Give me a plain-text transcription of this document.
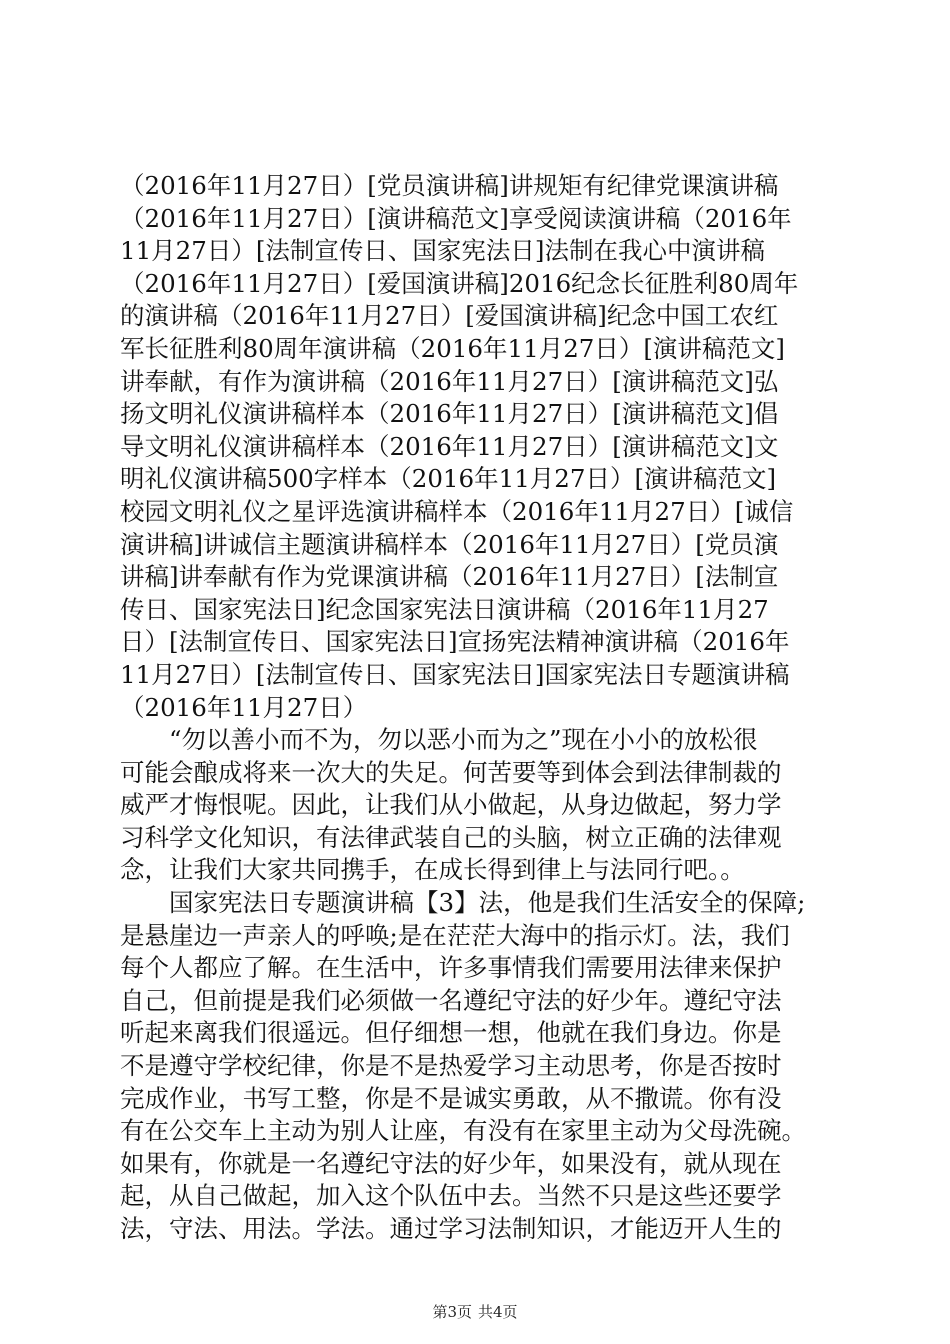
（2016年11月27日）[党员演讲稿]讲规矩有纪律党课演讲稿
（2016年11月27日）[演讲稿范文]享受阅读演讲稿（2016年
11月27日）[法制宣传日、国家宪法日]法制在我心中演讲稿
（2016年11月27日）[爱国演讲稿]2016纪念长征胜利80周年
的演讲稿（2016年11月27日）[爱国演讲稿]纪念中国工农红
军长征胜利80周年演讲稿（2016年11月27日）[演讲稿范文]
讲奉献，有作为演讲稿（2016年11月27日）[演讲稿范文]弘
扬文明礼仪演讲稿样本（2016年11月27日）[演讲稿范文]倡
导文明礼仪演讲稿样本（2016年11月27日）[演讲稿范文]文
明礼仪演讲稿500字样本（2016年11月27日）[演讲稿范文]
校园文明礼仪之星评选演讲稿样本（2016年11月27日）[诚信
演讲稿]讲诚信主题演讲稿样本（2016年11月27日）[党员演
讲稿]讲奉献有作为党课演讲稿（2016年11月27日）[法制宣
传日、国家宪法日]纪念国家宪法日演讲稿（2016年11月27
日）[法制宣传日、国家宪法日]宣扬宪法精神演讲稿（2016年
11月27日）[法制宣传日、国家宪法日]国家宪法日专题演讲稿
（2016年11月27日）
　　“勿以善小而不为，勿以恶小而为之”现在小小的放松很
可能会酿成将来一次大的失足。何苦要等到体会到法律制裁的
威严才悔恨呢。因此，让我们从小做起，从身边做起，努力学
习科学文化知识，有法律武装自己的头脑，树立正确的法律观
念，让我们大家共同携手，在成长得到律上与法同行吧。。
　　国家宪法日专题演讲稿【3】法，他是我们生活安全的保障;
是悬崖边一声亲人的呼唤;是在茫茫大海中的指示灯。法，我们
每个人都应了解。在生活中，许多事情我们需要用法律来保护
自己，但前提是我们必须做一名遵纪守法的好少年。遵纪守法
听起来离我们很遥远。但仔细想一想，他就在我们身边。你是
不是遵守学校纪律，你是不是热爱学习主动思考，你是否按时
完成作业，书写工整，你是不是诚实勇敢，从不撒谎。你有没
有在公交车上主动为别人让座，有没有在家里主动为父母洗碗。
如果有，你就是一名遵纪守法的好少年，如果没有，就从现在
起，从自己做起，加入这个队伍中去。当然不只是这些还要学
法，守法、用法。学法。通过学习法制知识，才能迈开人生的
第3页 共4页
